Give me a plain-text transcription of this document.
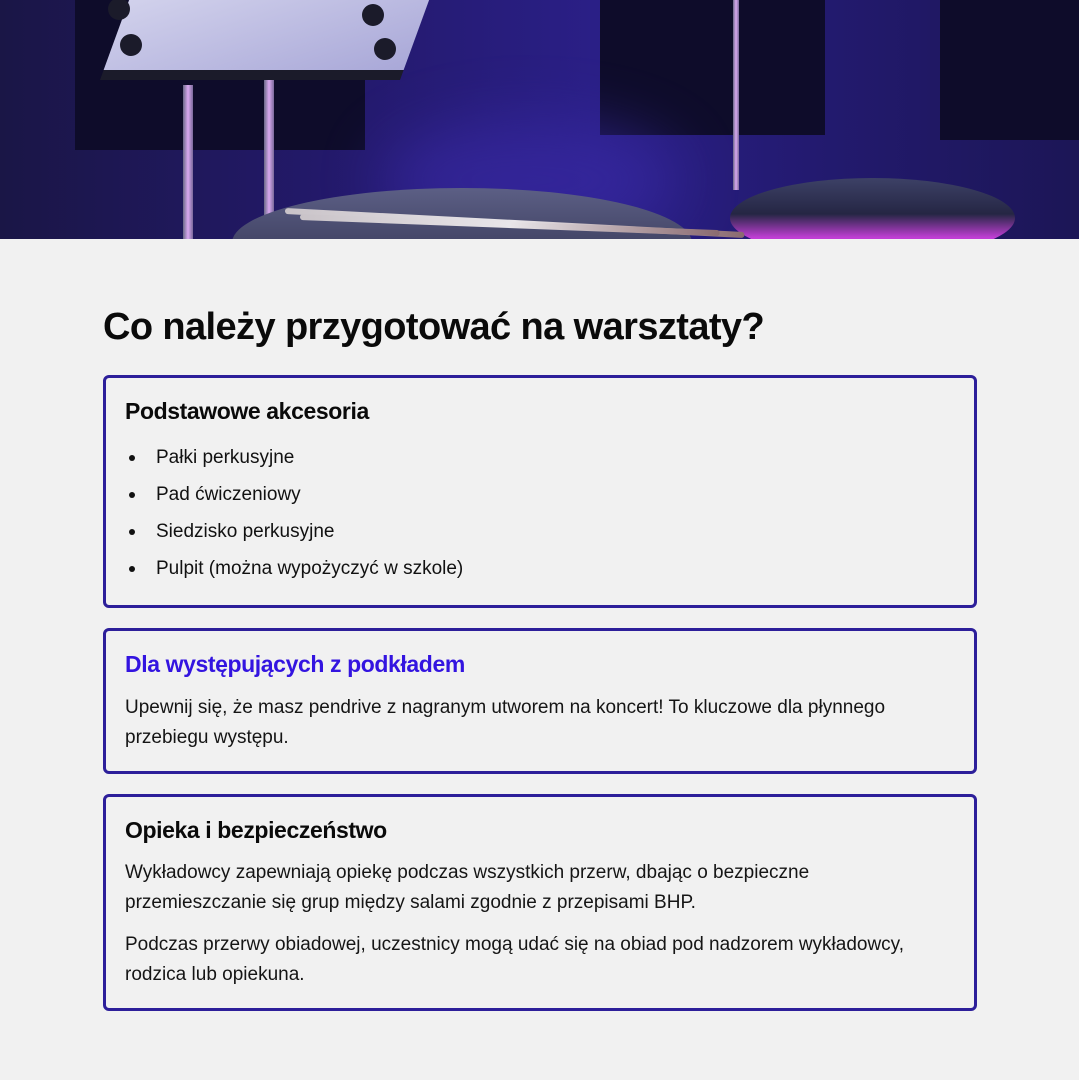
Co należy przygotować na warsztaty?
Podstawowe akcesoria
Pałki perkusyjne
Pad ćwiczeniowy
Siedzisko perkusyjne
Pulpit (można wypożyczyć w szkole)
Dla występujących z podkładem

Upewnij się, że masz pendrive z nagranym utworem na koncert! To kluczowe dla płynnego przebiegu występu.

Opieka i bezpieczeństwo

Wykładowcy zapewniają opiekę podczas wszystkich przerw, dbając o bezpieczne przemieszczanie się grup między salami zgodnie z przepisami BHP.

Podczas przerwy obiadowej, uczestnicy mogą udać się na obiad pod nadzorem wykładowcy, rodzica lub opiekuna.
